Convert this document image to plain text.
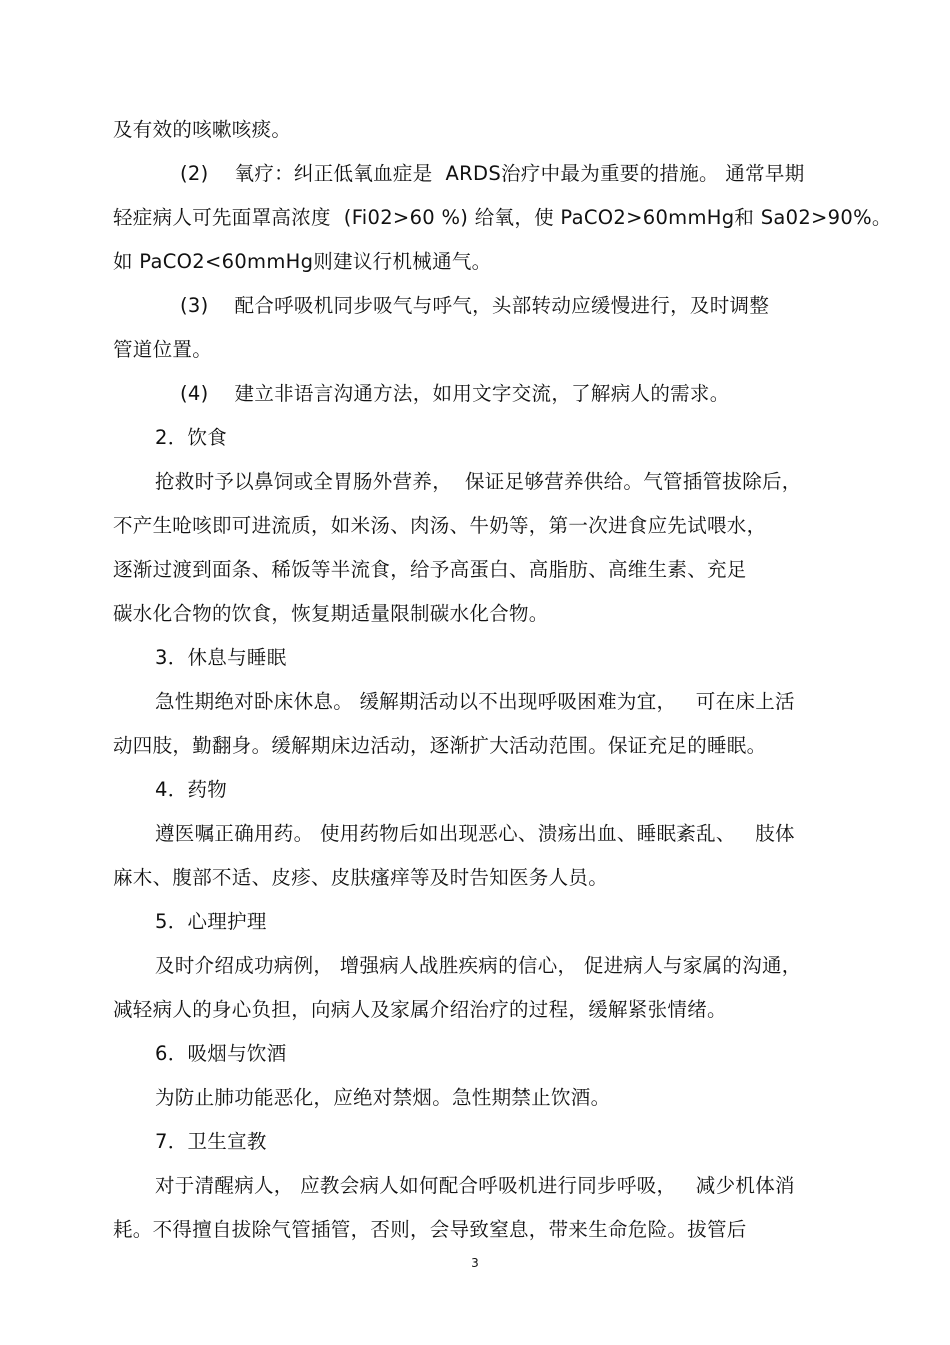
及有效的咳嗽咳痰。
(2)    氧疗：纠正低氧血症是  ARDS治疗中最为重要的措施。 通常早期
轻症病人可先面罩高浓度  (Fi02>60 %) 给氧，使 PaCO2>60mmHg和 Sa02>90%。
如 PaCO2<60mmHg则建议行机械通气。
(3)    配合呼吸机同步吸气与呼气，头部转动应缓慢进行，及时调整
管道位置。
(4)    建立非语言沟通方法，如用文字交流，了解病人的需求。
2．饮食
抢救时予以鼻饲或全胃肠外营养，  保证足够营养供给。气管插管拔除后，
不产生呛咳即可进流质，如米汤、肉汤、牛奶等，第一次进食应先试喂水，
逐渐过渡到面条、稀饭等半流食，给予高蛋白、高脂肪、高维生素、充足
碳水化合物的饮食，恢复期适量限制碳水化合物。
3．休息与睡眠
急性期绝对卧床休息。 缓解期活动以不出现呼吸困难为宜，   可在床上活
动四肢，勤翻身。缓解期床边活动，逐渐扩大活动范围。保证充足的睡眠。
4．药物
遵医嘱正确用药。 使用药物后如出现恶心、溃疡出血、睡眠紊乱、   肢体
麻木、腹部不适、皮疹、皮肤瘙痒等及时告知医务人员。
5．心理护理
及时介绍成功病例， 增强病人战胜疾病的信心， 促进病人与家属的沟通，
减轻病人的身心负担，向病人及家属介绍治疗的过程，缓解紧张情绪。
6．吸烟与饮酒
为防止肺功能恶化，应绝对禁烟。急性期禁止饮酒。
7．卫生宣教
对于清醒病人， 应教会病人如何配合呼吸机进行同步呼吸，   减少机体消
耗。不得擅自拔除气管插管，否则，会导致窒息，带来生命危险。拔管后
3
